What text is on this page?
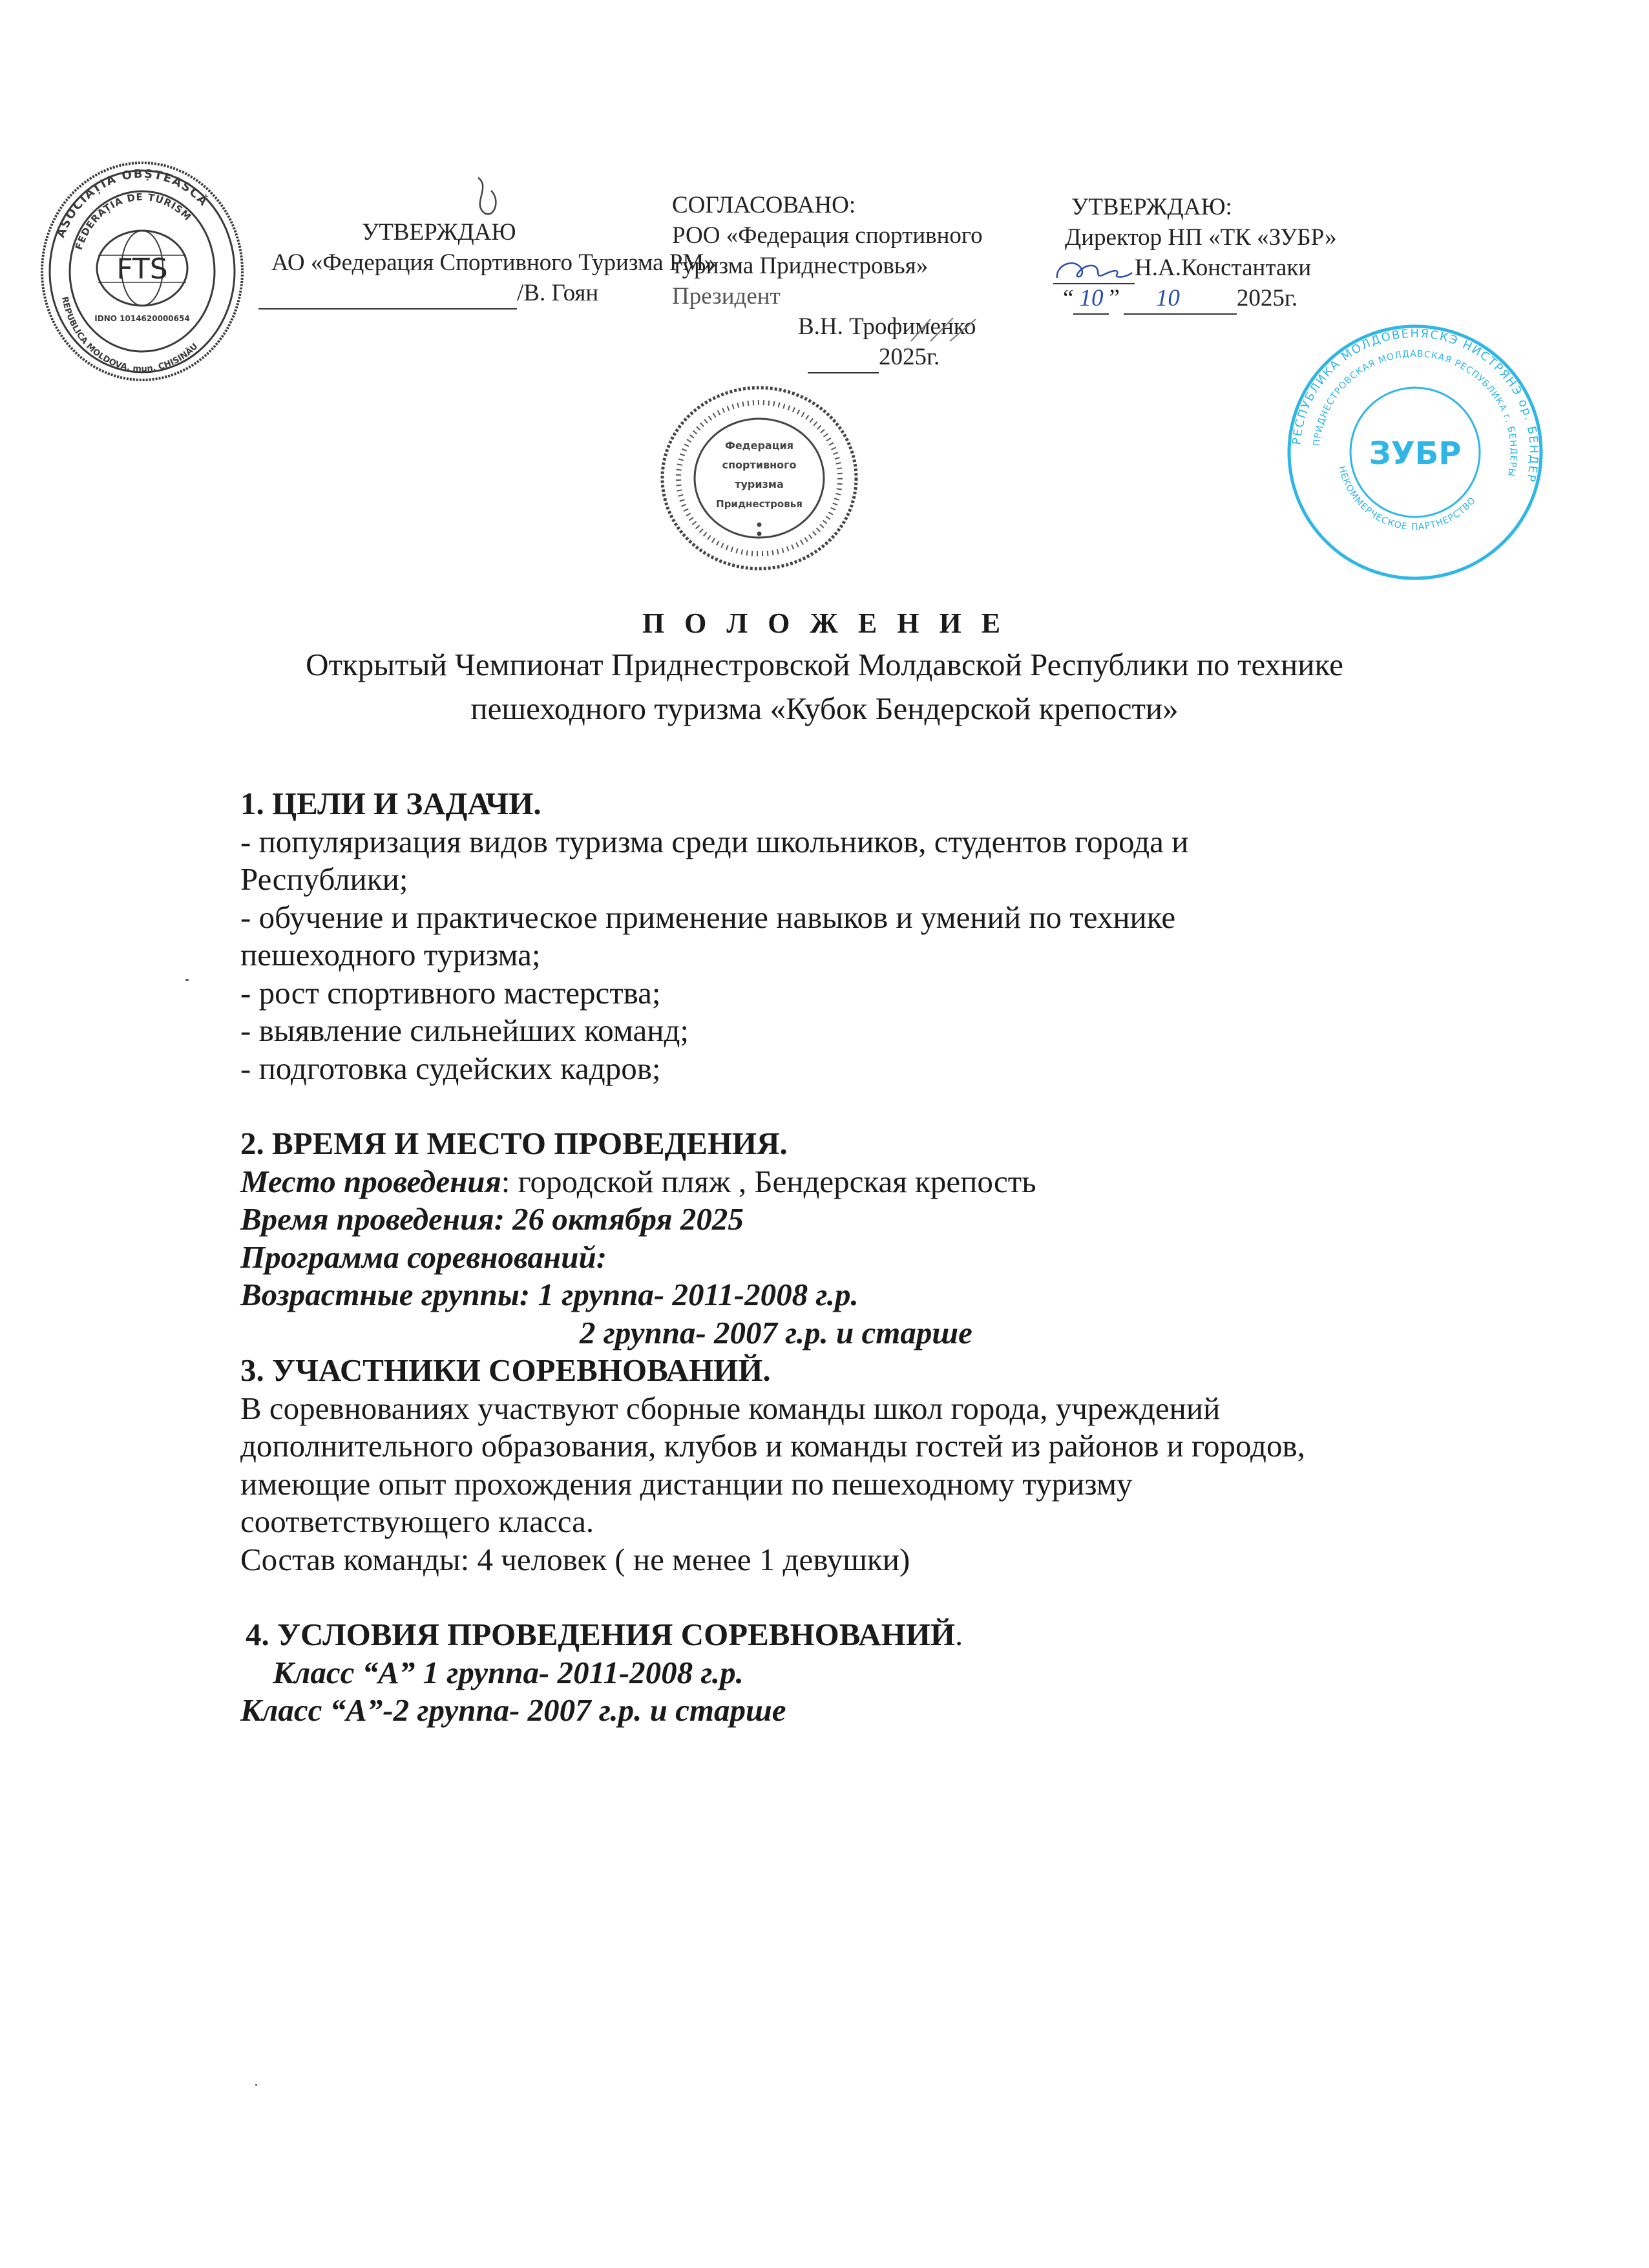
ASOCIAȚIA OBȘTEASCĂ
FEDERAȚIA DE TURISM
REPUBLICA MOLDOVA, mun. CHIȘINĂU
FTS
IDNO 1014620000654
УТВЕРЖДАЮ
АО «Федерация Спортивного Туризма РМ»
/В. Гоян
СОГЛАСОВАНО:
РОО «Федерация спортивного
туризма Приднестровья»
Президент
В.Н. Трофименко
2025г.
Федерация
спортивного
туризма
Приднестровья
УТВЕРЖДАЮ:
Директор НП «ТК «ЗУБР»
Н.А.Константаки
“ 10 ” 10 2025г.
РЕСПУБЛИКА МОЛДОВЕНЯСКЭ НИСТРЯНЭ ор. БЕНДЕР
ПРИДНЕСТРОВСКАЯ МОЛДАВСКАЯ РЕСПУБЛИКА г. БЕНДЕРЫ
НЕКОММЕРЧЕСКОЕ ПАРТНЕРСТВО
ЗУБР
П О Л О Ж Е Н И Е
Открытый Чемпионат Приднестровской Молдавской Республики по технике
пешеходного туризма «Кубок Бендерской крепости»
1. ЦЕЛИ И ЗАДАЧИ.
- популяризация видов туризма среди школьников, студентов города и
Республики;
- обучение и практическое применение навыков и умений по технике
пешеходного туризма;
- рост спортивного мастерства;
- выявление сильнейших команд;
- подготовка судейских кадров;
2. ВРЕМЯ И МЕСТО ПРОВЕДЕНИЯ.
Место проведения: городской пляж , Бендерская крепость
Время проведения: 26 октября 2025
Программа соревнований:
Возрастные группы: 1 группа- 2011-2008 г.р.
2 группа- 2007 г.р. и старше
3. УЧАСТНИКИ СОРЕВНОВАНИЙ.
В соревнованиях участвуют сборные команды школ города, учреждений
дополнительного образования, клубов и команды гостей из районов и городов,
имеющие опыт прохождения дистанции по пешеходному туризму
соответствующего класса.
Состав команды: 4 человек ( не менее 1 девушки)
4. УСЛОВИЯ ПРОВЕДЕНИЯ СОРЕВНОВАНИЙ.
Класс “А” 1 группа- 2011-2008 г.р.
Класс “А”-2 группа- 2007 г.р. и старше
